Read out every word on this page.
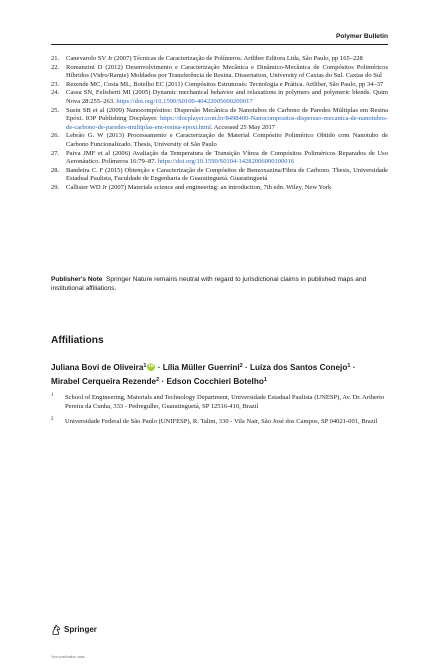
Polymer Bulletin
21. Canevarolo SV Jr (2007) Técnicas de Caracterização de Polímeros. Artliber Editora Ltda, São Paulo, pp 165–228
22. Romanzini D (2012) Desenvolvimento e Caracterização Mecânica e Dinâmico-Mecânica de Compósitos Poliméricos Híbridos (Vidro/Ramie) Moldados por Transferência de Resina. Dissertation, University of Caxias do Sul. Caxias do Sul
23. Rezende MC, Costa ML, Botelho EC (2011) Compósitos Estruturais: Tecnologia e Prática. Artliber, São Paulo, pp 34–37
24. Cassu SN, Felisberti MI (2005) Dynamic mechanical behavior and relaxations in polymers and polymeric blends. Quim Nova 28:255–263. https://doi.org/10.1590/S0100-40422005000200017
25. Susin SB et al (2009) Nanocompósitos: Dispersão Mecânica de Nanotubos de Carbono de Paredes Múltiplas em Resina Epóxi. IOP Publishing Docplayer. https://docplayer.com.br/8498400-Nanocompositos-dispersao-mecanica-de-nanotubos-de-carbono-de-paredes-multiplas-em-resina-epoxi.html. Accessed 25 May 2017
26. Lebrão G. W (2013) Processamento e Caracterização de Material Compósito Polimérico Obtido com Nanotubo de Carbono Funcionalizado. Thesis, University of São Paulo
27. Paiva JMF et al (2006) Avaliação da Temperatura de Transição Vítrea de Compósitos Poliméricos Reparados de Uso Aeronáutico. Polímeros 16:79–87. https://doi.org/10.1590/S0104-14282006000100016
28. Bandeira C. F (2015) Obtenção e Caracterização de Compósitos de Benzoxazina/Fibra de Carbono. Thesis, Universidade Estadual Paulista, Faculdade de Engenharia de Guaratinguetá. Guaratinguetá
29. Callister WD Jr (2007) Materials science and engineering: an introduction, 7th edn. Wiley, New York
Publisher's Note Springer Nature remains neutral with regard to jurisdictional claims in published maps and institutional affiliations.
Affiliations
Juliana Bovi de Oliveira$^1$iD · Lília Müller Guerrini$^2$ · Luíza dos Santos Conejo$^1$ · Mirabel Cerqueira Rezende$^2$ · Edson Cocchieri Botelho$^1$
1 School of Engineering, Materials and Technology Department, Universidade Estadual Paulista (UNESP), Av. Dr. Ariberto Pereira da Cunha, 333 - Pedregulho, Guaratinguetá, SP 12516-410, Brazil
2 Universidade Federal de São Paulo (UNIFESP), R. Talim, 330 - Vila Nair, São José dos Campos, SP 04021-001, Brazil
Springer
View publication stats
